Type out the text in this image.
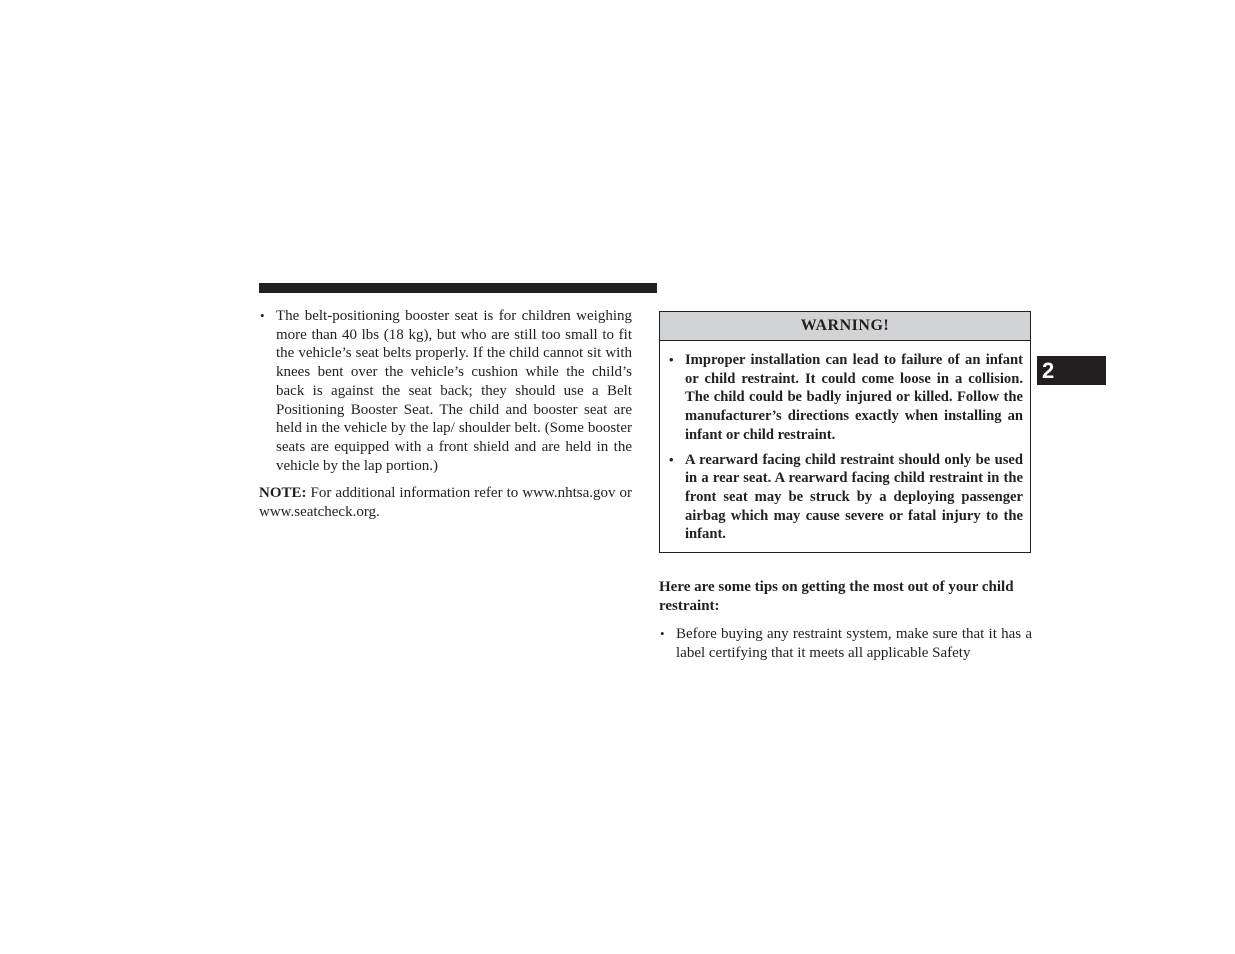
• The belt-positioning booster seat is for children weighing more than 40 lbs (18 kg), but who are still too small to fit the vehicle’s seat belts properly. If the child cannot sit with knees bent over the vehicle’s cushion while the child’s back is against the seat back; they should use a Belt Positioning Booster Seat. The child and booster seat are held in the vehicle by the lap/ shoulder belt. (Some booster seats are equipped with a front shield and are held in the vehicle by the lap portion.)
NOTE: For additional information refer to www.nhtsa.gov or www.seatcheck.org.
WARNING!
• Improper installation can lead to failure of an infant or child restraint. It could come loose in a collision. The child could be badly injured or killed. Follow the manufacturer’s directions exactly when installing an infant or child restraint.
• A rearward facing child restraint should only be used in a rear seat. A rearward facing child restraint in the front seat may be struck by a deploying passenger airbag which may cause severe or fatal injury to the infant.
Here are some tips on getting the most out of your child restraint:
• Before buying any restraint system, make sure that it has a label certifying that it meets all applicable Safety
2
